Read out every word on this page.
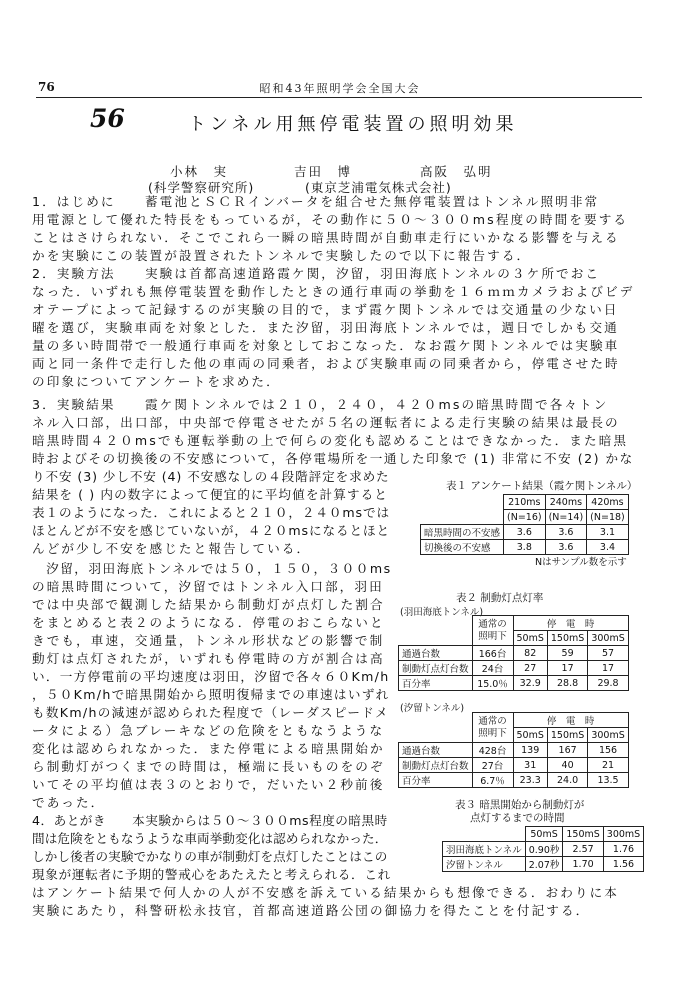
76	昭和43年照明学会全国大会
56	トンネル用無停電装置の照明効果
小林　実	吉田　博	高阪　弘明
(科学警察研究所)	(東京芝浦電気株式会社)
1．はじめに　　蓄電池とＳＣＲインバータを組合せた無停電装置はトンネル照明非常
用電源として優れた特長をもっているが，その動作に５０～３００ms程度の時間を要する
ことはさけられない．そこでこれら一瞬の暗黒時間が自動車走行にいかなる影響を与える
かを実験にこの装置が設置されたトンネルで実験したので以下に報告する．
2．実験方法　　実験は首都高速道路霞ケ関，汐留，羽田海底トンネルの３ケ所でおこ
なった．いずれも無停電装置を動作したときの通行車両の挙動を１６ｍｍカメラおよびビデ
オテープによって記録するのが実験の目的で，まず霞ケ関トンネルでは交通量の少ない日
曜を選び，実験車両を対象とした．また汐留，羽田海底トンネルでは，週日でしかも交通
量の多い時間帯で一般通行車両を対象としておこなった．なお霞ケ関トンネルでは実験車
両と同一条件で走行した他の車両の同乗者，および実験車両の同乗者から，停電させた時
の印象についてアンケートを求めた．
3．実験結果　　霞ケ関トンネルでは２１０，２４０，４２０msの暗黒時間で各々トン
ネル入口部，出口部，中央部で停電させたが５名の運転者による走行実験の結果は最長の
暗黒時間４２０msでも運転挙動の上で何らの変化も認めることはできなかった．また暗黒
時およびその切換後の不安感について，各停電場所を一通した印象で (1) 非常に不安 (2) かな
り不安 (3) 少し不安 (4) 不安感なしの４段階評定を求めた
結果を ( ) 内の数字によって便宜的に平均値を計算すると
表１のようになった．これによると２１０，２４０msでは
ほとんどが不安を感じていないが，４２０msになるとほと
んどが少し不安を感じたと報告している．
　汐留，羽田海底トンネルでは５０，１５０，３００ms
の暗黒時間について，汐留ではトンネル入口部，羽田
では中央部で観測した結果から制動灯が点灯した割合
をまとめると表２のようになる．停電のおこらないと
きでも，車速，交通量，トンネル形状などの影響で制
動灯は点灯されたが，いずれも停電時の方が割合は高
い．一方停電前の平均速度は羽田，汐留で各々６０Km/h
，５０Km/hで暗黒開始から照明復帰までの車速はいずれ
も数Km/hの減速が認められた程度で（レーダスピードメ
ータによる）急ブレーキなどの危険をともなうような
変化は認められなかった．また停電による暗黒開始か
ら制動灯がつくまでの時間は，極端に長いものをのぞ
いてその平均値は表３のとおりで，だいたい２秒前後
であった．
4．あとがき　　本実験からは５０～３００ms程度の暗黒時
間は危険をともなうような車両挙動変化は認められなかった．
しかし後者の実験でかなりの車が制動灯を点灯したことはこの
現象が運転者に予期的警戒心をあたえたと考えられる．これ
はアンケート結果で何人かの人が不安感を訴えている結果からも想像できる．おわりに本
実験にあたり，科警研松永技官，首都高速道路公団の御協力を得たことを付記する．
表１ アンケート結果（霞ケ関トンネル）
	210ms	240ms	420ms
	(N=16)	(N=14)	(N=18)
暗黒時間の不安感	3.6	3.6	3.1
切換後の不安感	3.8	3.6	3.4
Nはサンプル数を示す
表２ 制動灯点灯率
(羽田海底トンネル)
	通常の照明下	停　電　時		
		50mS	150mS	300mS
通過台数	166台	82	59	57
制動灯点灯台数	24台	27	17	17
百分率	15.0％	32.9	28.8	29.8
(汐留トンネル)
	通常の照明下	停　電　時		
		50mS	150mS	300mS
通過台数	428台	139	167	156
制動灯点灯台数	27台	31	40	21
百分率	6.7％	23.3	24.0	13.5
表３ 暗黒開始から制動灯が
点灯するまでの時間
	50mS	150mS	300mS
羽田海底トンネル	0.90秒	2.57	1.76
汐留トンネル	2.07秒	1.70	1.56
